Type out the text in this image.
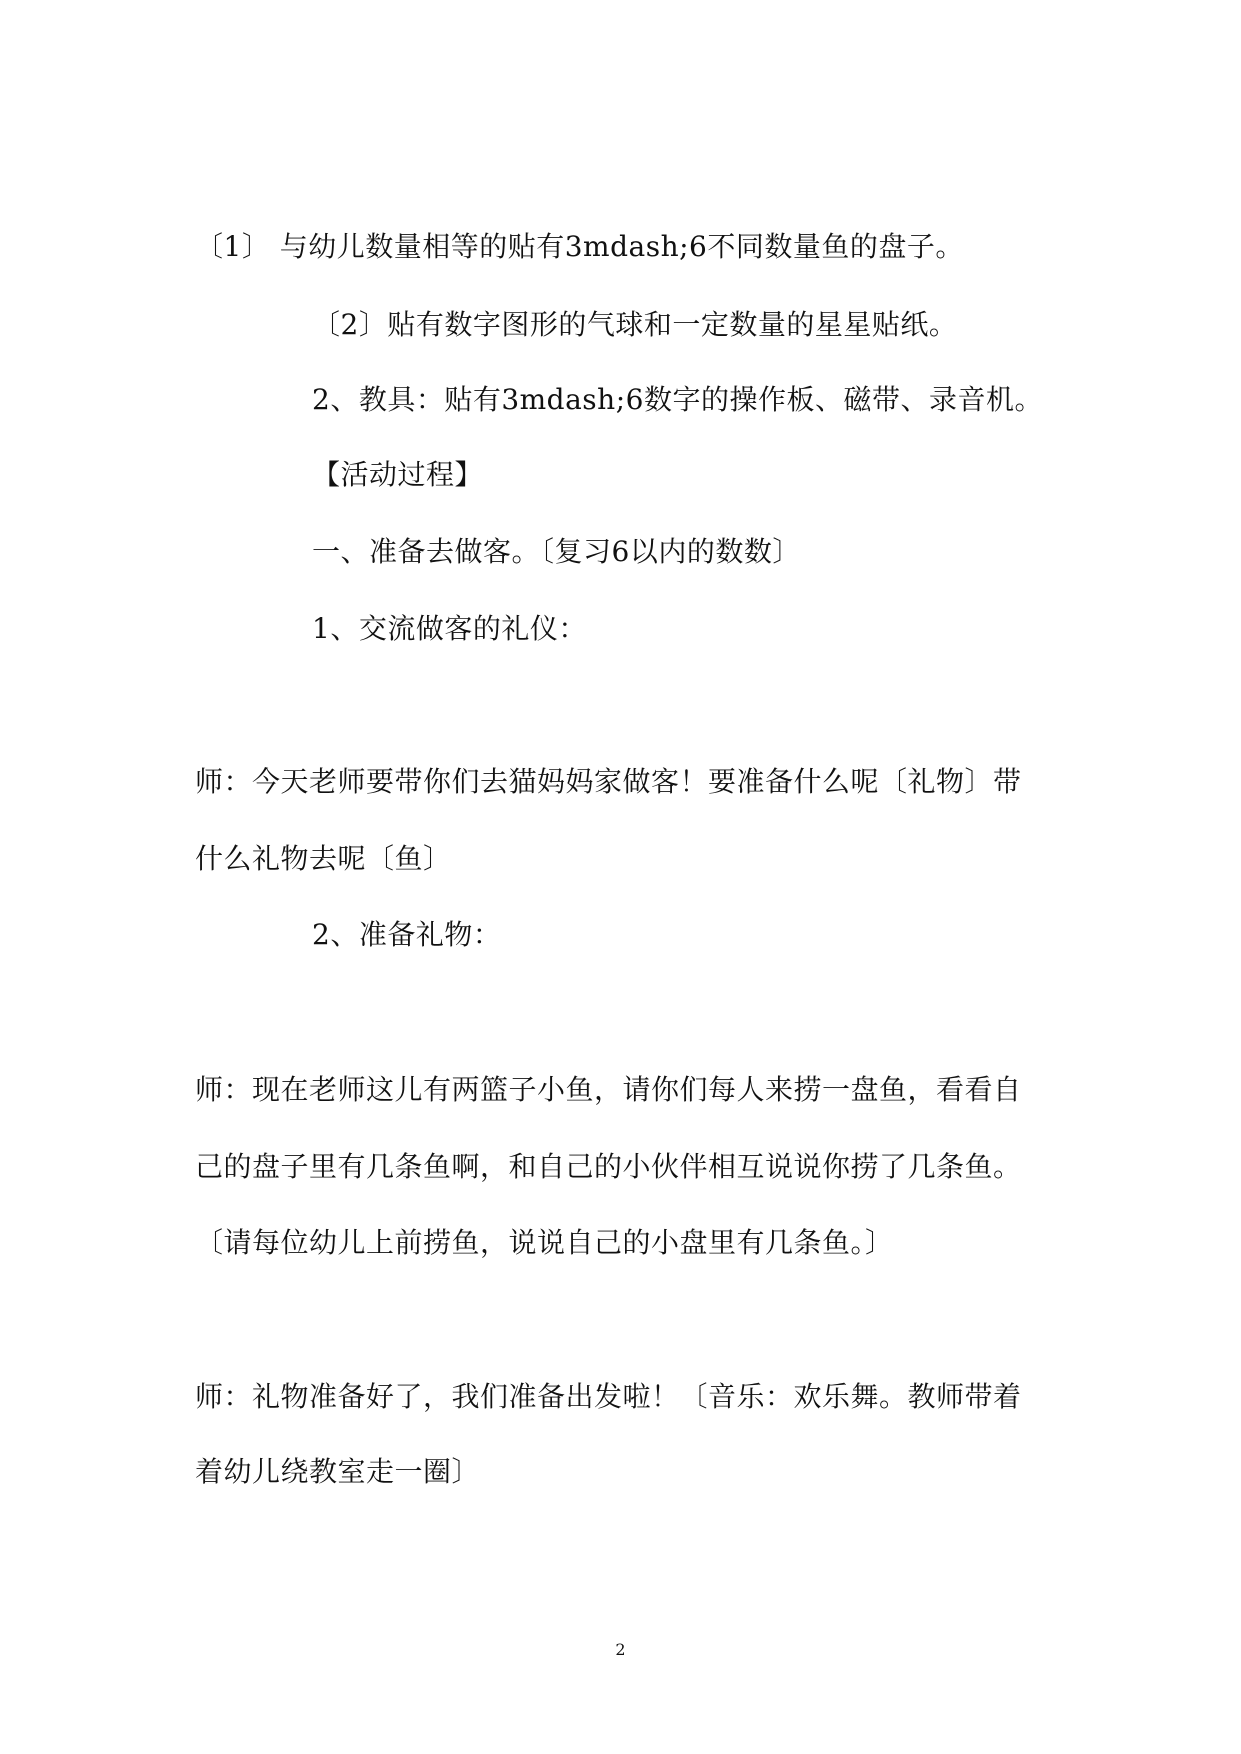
〔1〕 与幼儿数量相等的贴有3mdash;6不同数量鱼的盘子。
〔2〕贴有数字图形的气球和一定数量的星星贴纸。
2、教具：贴有3mdash;6数字的操作板、磁带、录音机。
【活动过程】
一、准备去做客。〔复习6以内的数数〕
1、交流做客的礼仪：
师：今天老师要带你们去猫妈妈家做客！要准备什么呢〔礼物〕带
什么礼物去呢〔鱼〕
2、准备礼物：
师：现在老师这儿有两篮子小鱼，请你们每人来捞一盘鱼，看看自
己的盘子里有几条鱼啊，和自己的小伙伴相互说说你捞了几条鱼。
〔请每位幼儿上前捞鱼，说说自己的小盘里有几条鱼。〕
师：礼物准备好了，我们准备出发啦！〔音乐：欢乐舞。教师带着
着幼儿绕教室走一圈〕
2
